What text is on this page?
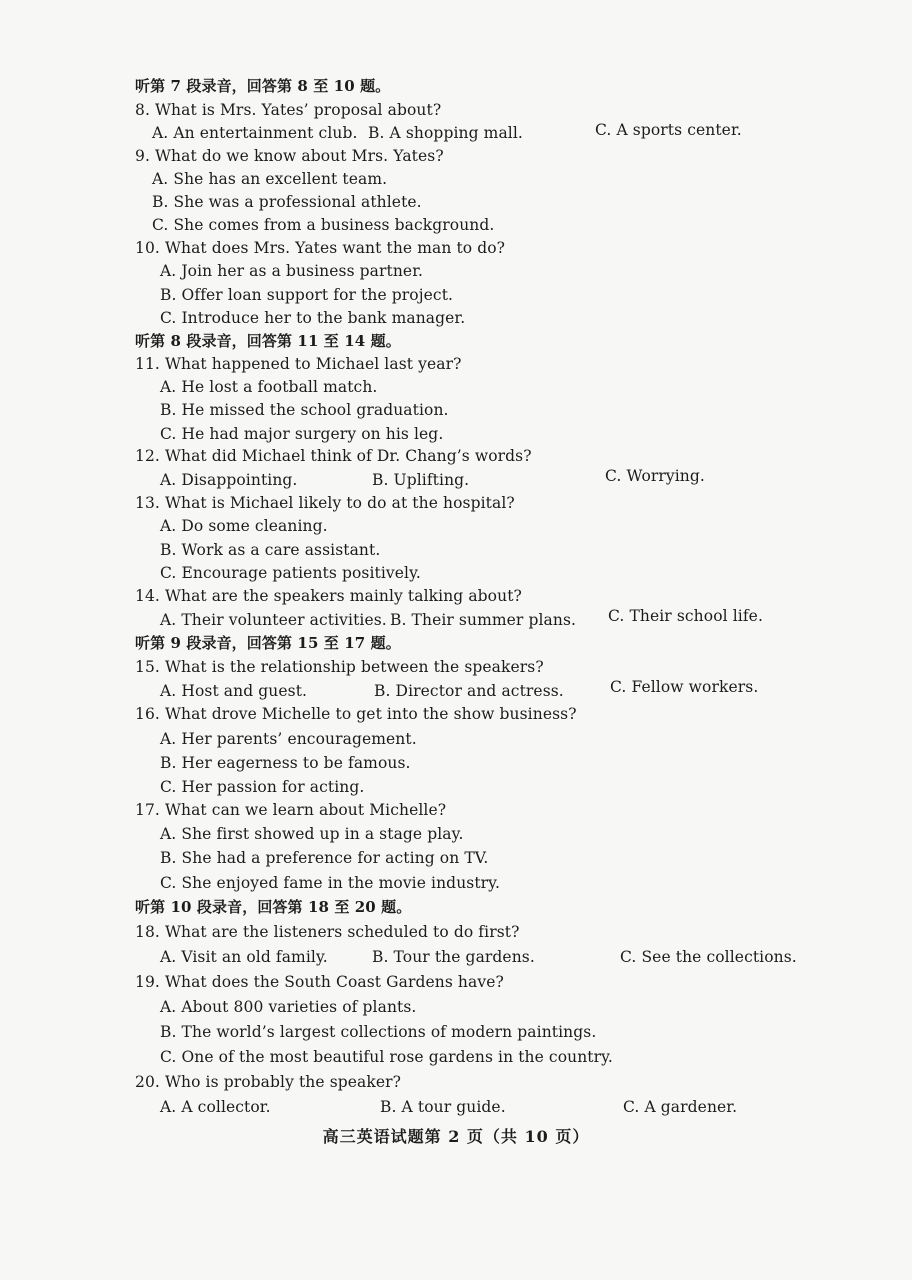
听第 7 段录音，回答第 8 至 10 题。
8. What is Mrs. Yates’ proposal about?
A. An entertainment club. B. A shopping mall.	C. A sports center.
9. What do we know about Mrs. Yates?
A. She has an excellent team.
B. She was a professional athlete.
C. She comes from a business background.
10. What does Mrs. Yates want the man to do?
A. Join her as a business partner.
B. Offer loan support for the project.
C. Introduce her to the bank manager.
听第 8 段录音，回答第 11 至 14 题。
11. What happened to Michael last year?
A. He lost a football match.
B. He missed the school graduation.
C. He had major surgery on his leg.
12. What did Michael think of Dr. Chang’s words?
A. Disappointing.	B. Uplifting.	C. Worrying.
13. What is Michael likely to do at the hospital?
A. Do some cleaning.
B. Work as a care assistant.
C. Encourage patients positively.
14. What are the speakers mainly talking about?
A. Their volunteer activities. B. Their summer plans. C. Their school life.
听第 9 段录音，回答第 15 至 17 题。
15. What is the relationship between the speakers?
A. Host and guest.	B. Director and actress.	C. Fellow workers.
16. What drove Michelle to get into the show business?
A. Her parents’ encouragement.
B. Her eagerness to be famous.
C. Her passion for acting.
17. What can we learn about Michelle?
A. She first showed up in a stage play.
B. She had a preference for acting on TV.
C. She enjoyed fame in the movie industry.
听第 10 段录音，回答第 18 至 20 题。
18. What are the listeners scheduled to do first?
A. Visit an old family.	B. Tour the gardens.	C. See the collections.
19. What does the South Coast Gardens have?
A. About 800 varieties of plants.
B. The world’s largest collections of modern paintings.
C. One of the most beautiful rose gardens in the country.
20. Who is probably the speaker?
A. A collector.	B. A tour guide.	C. A gardener.
高三英语试题第 2 页（共 10 页）
